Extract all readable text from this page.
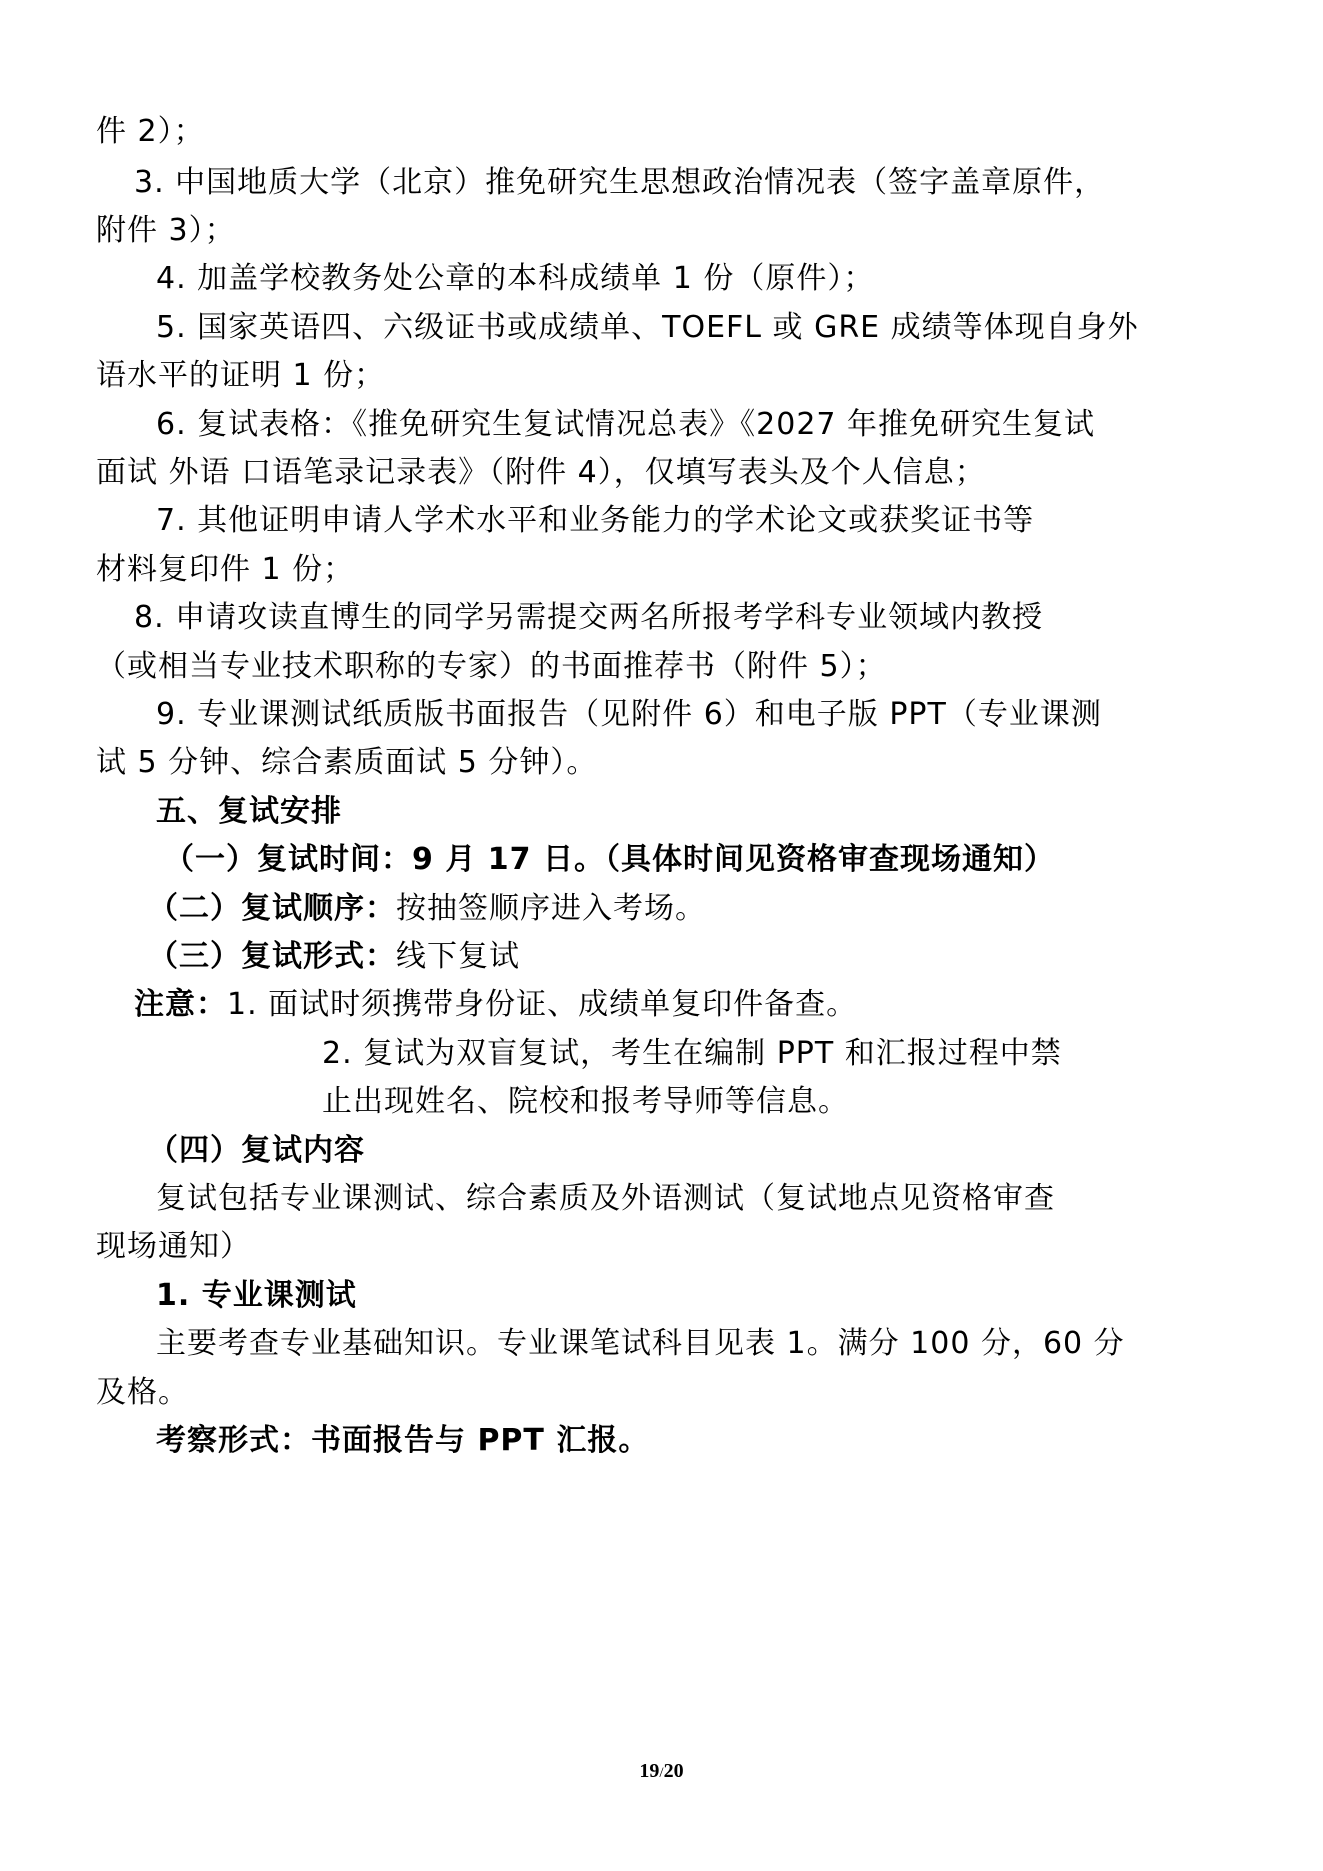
件 2）；
3. 中国地质大学（北京）推免研究生思想政治情况表（签字盖章原件，
附件 3）；
4. 加盖学校教务处公章的本科成绩单 1 份（原件）；
5. 国家英语四、六级证书或成绩单、TOEFL 或 GRE 成绩等体现自身外
语水平的证明 1 份；
6. 复试表格：《推免研究生复试情况总表》《2027 年推免研究生复试
面试 外语 口语笔录记录表》（附件 4），仅填写表头及个人信息；
7. 其他证明申请人学术水平和业务能力的学术论文或获奖证书等
材料复印件 1 份；
8. 申请攻读直博生的同学另需提交两名所报考学科专业领域内教授
（或相当专业技术职称的专家）的书面推荐书（附件 5）；
9. 专业课测试纸质版书面报告（见附件 6）和电子版 PPT（专业课测
试 5 分钟、综合素质面试 5 分钟）。
五、复试安排
（一）复试时间：9 月 17 日。（具体时间见资格审查现场通知）
（二）复试顺序：按抽签顺序进入考场。
（三）复试形式：线下复试
注意：1. 面试时须携带身份证、成绩单复印件备查。
2. 复试为双盲复试，考生在编制 PPT 和汇报过程中禁
止出现姓名、院校和报考导师等信息。
（四）复试内容
复试包括专业课测试、综合素质及外语测试（复试地点见资格审查
现场通知）
1. 专业课测试
主要考查专业基础知识。专业课笔试科目见表 1。满分 100 分，60 分
及格。
考察形式：书面报告与 PPT 汇报。
19/20
